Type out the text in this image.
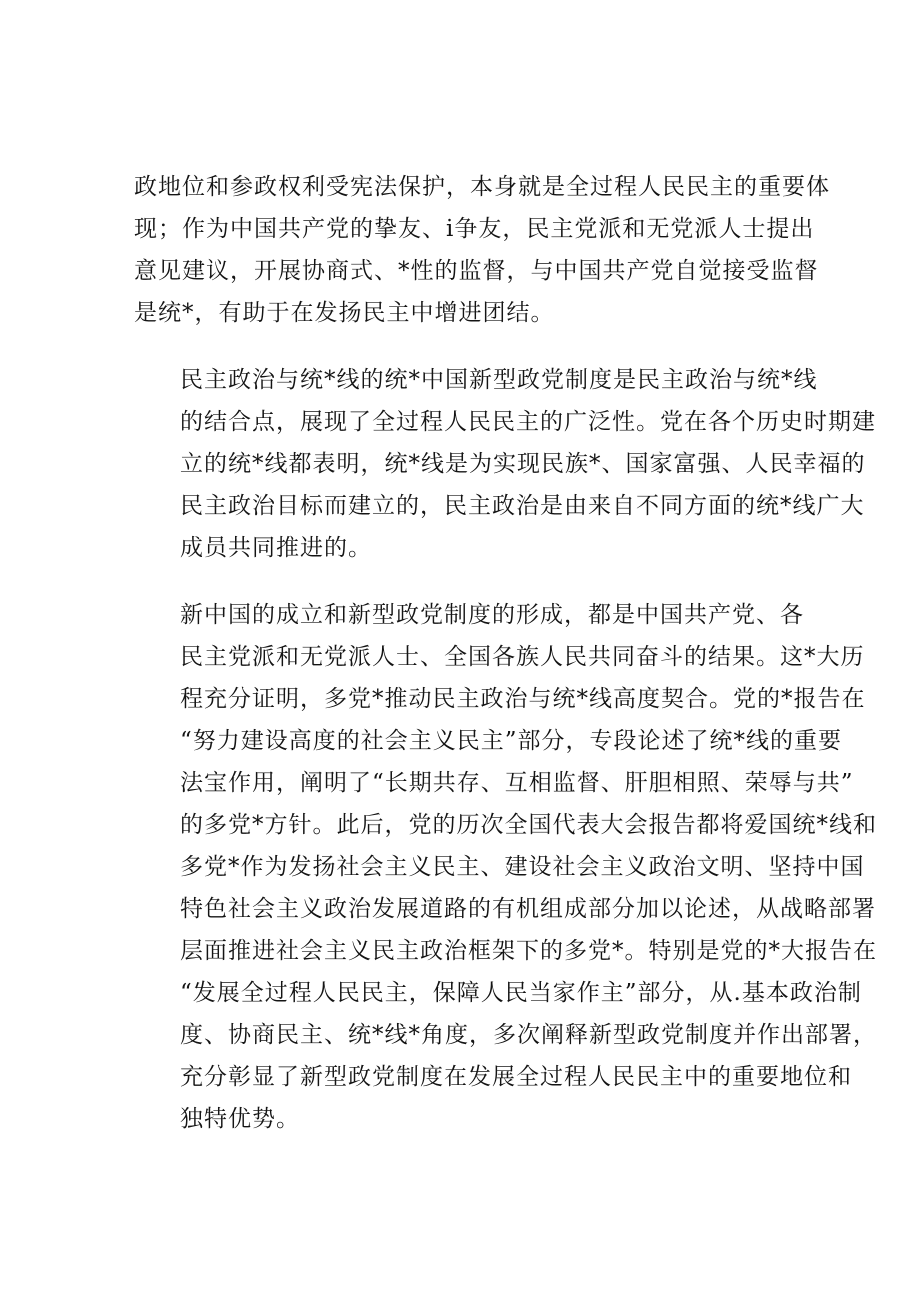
政地位和参政权利受宪法保护，本身就是全过程人民民主的重要体
现；作为中国共产党的挚友、i争友，民主党派和无党派人士提出
意见建议，开展协商式、*性的监督，与中国共产党自觉接受监督
是统*，有助于在发扬民主中增进团结。

民主政治与统*线的统*中国新型政党制度是民主政治与统*线
的结合点，展现了全过程人民民主的广泛性。党在各个历史时期建
立的统*线都表明，统*线是为实现民族*、国家富强、人民幸福的
民主政治目标而建立的，民主政治是由来自不同方面的统*线广大
成员共同推进的。

新中国的成立和新型政党制度的形成，都是中国共产党、各
民主党派和无党派人士、全国各族人民共同奋斗的结果。这*大历
程充分证明，多党*推动民主政治与统*线高度契合。党的*报告在
“努力建设高度的社会主义民主”部分，专段论述了统*线的重要
法宝作用，阐明了“长期共存、互相监督、肝胆相照、荣辱与共”
的多党*方针。此后，党的历次全国代表大会报告都将爱国统*线和
多党*作为发扬社会主义民主、建设社会主义政治文明、坚持中国
特色社会主义政治发展道路的有机组成部分加以论述，从战略部署
层面推进社会主义民主政治框架下的多党*。特别是党的*大报告在
“发展全过程人民民主，保障人民当家作主”部分，从.基本政治制
度、协商民主、统*线*角度，多次阐释新型政党制度并作出部署，
充分彰显了新型政党制度在发展全过程人民民主中的重要地位和
独特优势。
